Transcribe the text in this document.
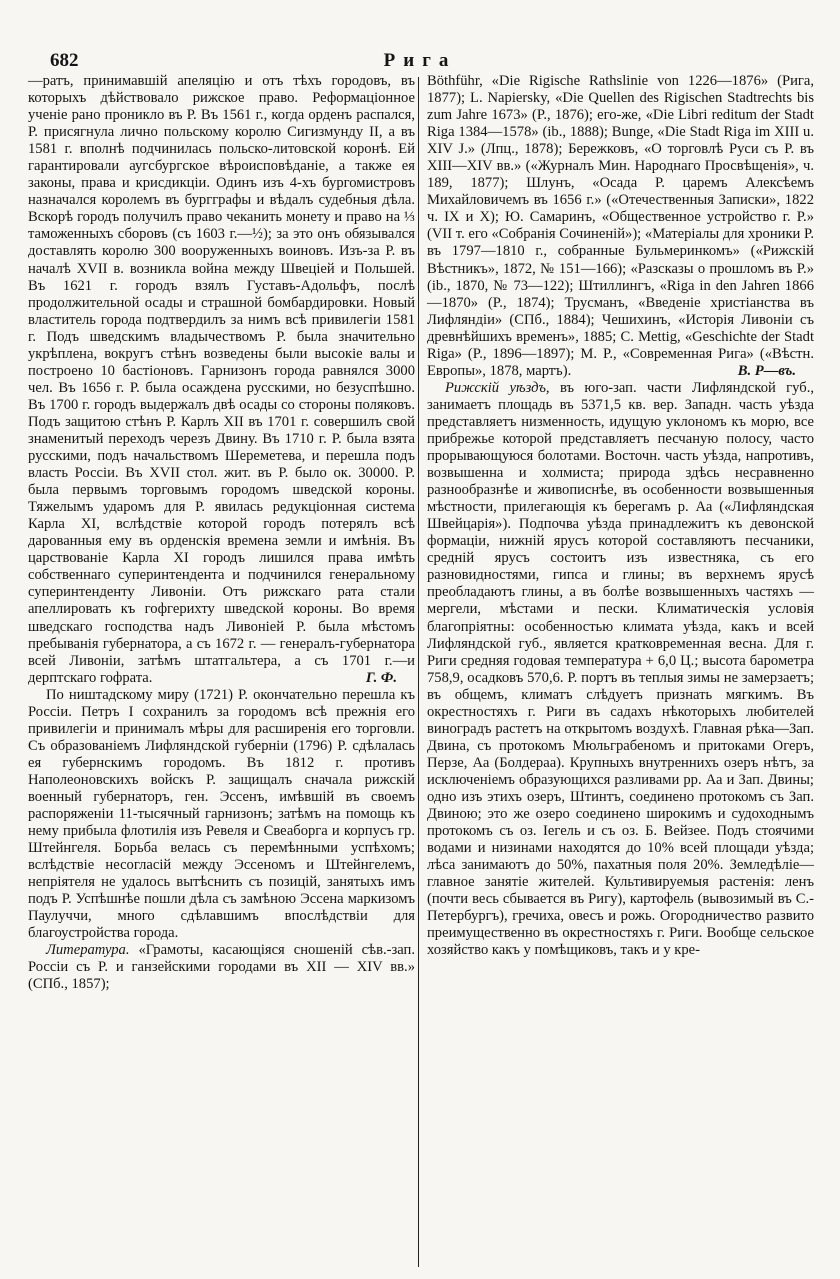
682	Рига

—ратъ, принимавшій апеляцію и отъ тѣхъ городовъ, въ которыхъ дѣйствовало рижское право. Реформаціонное ученіе рано проникло въ Р. Въ 1561 г., когда орденъ распался, Р. присягнула лично польскому королю Сигизмунду II, а въ 1581 г. вполнѣ подчинилась польско-литовской коронѣ. Ей гарантировали аугсбургское вѣроисповѣданіе, а также ея законы, права и крисдикціи. Одинъ изъ 4-хъ бургомистровъ назначался королемъ въ бургграфы и вѣдалъ судебныя дѣла. Вскорѣ городъ получилъ право чеканить монету и право на ⅓ таможенныхъ сборовъ (съ 1603 г.—½); за это онъ обязывался доставлять королю 300 вооруженныхъ воиновъ. Изъ-за Р. въ началѣ XVII в. возникла война между Швеціей и Польшей. Въ 1621 г. городъ взялъ Густавъ-Адольфъ, послѣ продолжительной осады и страшной бомбардировки. Новый властитель города подтвердилъ за нимъ всѣ привилегіи 1581 г. Подъ шведскимъ владычествомъ Р. была значительно укрѣплена, вокругъ стѣнъ возведены были высокіе валы и построено 10 бастіоновъ. Гарнизонъ города равнялся 3000 чел. Въ 1656 г. Р. была осаждена русскими, но безуспѣшно. Въ 1700 г. городъ выдержалъ двѣ осады со стороны поляковъ. Подъ защитою стѣнъ Р. Карлъ XII въ 1701 г. совершилъ свой знаменитый переходъ черезъ Двину. Въ 1710 г. Р. была взята русскими, подъ начальствомъ Шереметева, и перешла подъ власть Россіи. Въ XVII стол. жит. въ Р. было ок. 30000. Р. была первымъ торговымъ городомъ шведской короны. Тяжелымъ ударомъ для Р. явилась редукціонная система Карла XI, вслѣдствіе которой городъ потерялъ всѣ дарованныя ему въ орденскія времена земли и имѣнія. Въ царствованіе Карла XI городъ лишился права имѣть собственнаго суперинтендента и подчинился генеральному суперинтенденту Ливоніи. Отъ рижскаго рата стали апеллировать къ гофгерихту шведской короны. Во время шведскаго господства надъ Ливоніей Р. была мѣстомъ пребыванія губернатора, а съ 1672 г. — генералъ-губернатора всей Ливоніи, затѣмъ штатгальтера, а съ 1701 г.—и дерптскаго гофрата.	Г. Ф.

По ништадскому миру (1721) Р. окончательно перешла къ Россіи. Петръ I сохранилъ за городомъ всѣ прежнія его привилегіи и принималъ мѣры для расширенія его торговли. Съ образованіемъ Лифляндской губерніи (1796) Р. сдѣлалась ея губернскимъ городомъ. Въ 1812 г. противъ Наполеоновскихъ войскъ Р. защищалъ сначала рижскій военный губернаторъ, ген. Эссенъ, имѣвшій въ своемъ распоряженіи 11-тысячный гарнизонъ; затѣмъ на помощь къ нему прибыла флотилія изъ Ревеля и Свеаборга и корпусъ гр. Штейнгеля. Борьба велась съ перемѣнными успѣхомъ; вслѣдствіе несогласій между Эссеномъ и Штейнгелемъ, непріятеля не удалось вытѣснить съ позицій, занятыхъ имъ подъ Р. Успѣшнѣе пошли дѣла съ замѣною Эссена маркизомъ Паулуччи, много сдѣлавшимъ впослѣдствіи для благоустройства города.

Литература. «Грамоты, касающіяся сношеній сѣв.-зап. Россіи съ Р. и ганзейскими городами въ XII — XIV вв.» (СПб., 1857);

Böthführ, «Die Rigische Rathslinie von 1226—1876» (Рига, 1877); L. Napiersky, «Die Quellen des Rigischen Stadtrechts bis zum Jahre 1673» (P., 1876); его-же, «Die Libri reditum der Stadt Riga 1384—1578» (ib., 1888); Bunge, «Die Stadt Riga im XIII u. XIV J.» (Лпц., 1878); Бережковъ, «О торговлѣ Руси съ Р. въ XIII—XIV вв.» («Журналъ Мин. Народнаго Просвѣщенія», ч. 189, 1877); Шлунъ, «Осада Р. царемъ Алексѣемъ Михайловичемъ въ 1656 г.» («Отечественныя Записки», 1822 ч. IX и X); Ю. Самаринъ, «Общественное устройство г. Р.» (VII т. его «Собранія Сочиненій»); «Матеріалы для хроники Р. въ 1797—1810 г., собранные Бульмеринкомъ» («Рижскій Вѣстникъ», 1872, № 151—166); «Разсказы о прошломъ въ Р.» (ib., 1870, № 73—122); Штиллингъ, «Riga in den Jahren 1866—1870» (P., 1874); Трусманъ, «Введеніе христіанства въ Лифляндіи» (СПб., 1884); Чешихинъ, «Исторія Ливоніи съ древнѣйшихъ временъ», 1885; C. Mettig, «Geschichte der Stadt Riga» (P., 1896—1897); М. Р., «Современная Рига» («Вѣстн. Европы», 1878, мартъ).	В. Р—въ.

Рижскій уѣздъ, въ юго-зап. части Лифляндской губ., занимаетъ площадь въ 5371,5 кв. вер. Западн. часть уѣзда представляетъ низменность, идущую уклономъ къ морю, все прибрежье которой представляетъ песчаную полосу, часто прорывающуюся болотами. Восточн. часть уѣзда, напротивъ, возвышенна и холмиста; природа здѣсь несравненно разнообразнѣе и живописнѣе, въ особенности возвышенныя мѣстности, прилегающія къ берегамъ р. Аа («Лифляндская Швейцарія»). Подпочва уѣзда принадлежитъ къ девонской формаціи, нижній ярусъ которой составляютъ песчаники, средній ярусъ состоитъ изъ известняка, съ его разновидностями, гипса и глины; въ верхнемъ ярусѣ преобладаютъ глины, а въ болѣе возвышенныхъ частяхъ —мергели, мѣстами и пески. Климатическія условія благопріятны: особенностью климата уѣзда, какъ и всей Лифляндской губ., является кратковременная весна. Для г. Риги средняя годовая температура + 6,0 Ц.; высота барометра 758,9, осадковъ 570,6. Р. портъ въ теплыя зимы не замерзаетъ; въ общемъ, климатъ слѣдуетъ признать мягкимъ. Въ окрестностяхъ г. Риги въ садахъ нѣкоторыхъ любителей виноградъ растетъ на открытомъ воздухѣ. Главная рѣка—Зап. Двина, съ протокомъ Мюльграбеномъ и притоками Огеръ, Перзе, Аа (Болдераа). Крупныхъ внутреннихъ озеръ нѣтъ, за исключеніемъ образующихся разливами рр. Аа и Зап. Двины; одно изъ этихъ озеръ, Штинтъ, соединено протокомъ съ Зап. Двиною; это же озеро соединено широкимъ и судоходнымъ протокомъ съ оз. Іегель и съ оз. Б. Вейзее. Подъ стоячими водами и низинами находятся до 10% всей площади уѣзда; лѣса занимаютъ до 50%, пахатныя поля 20%. Земледѣліе—главное занятіе жителей. Культивируемыя растенія: ленъ (почти весь сбывается въ Ригу), картофель (вывозимый въ С.-Петербургъ), гречиха, овесъ и рожь. Огородничество развито преимущественно въ окрестностяхъ г. Риги. Вообще сельское хозяйство какъ у помѣщиковъ, такъ и у кре-
